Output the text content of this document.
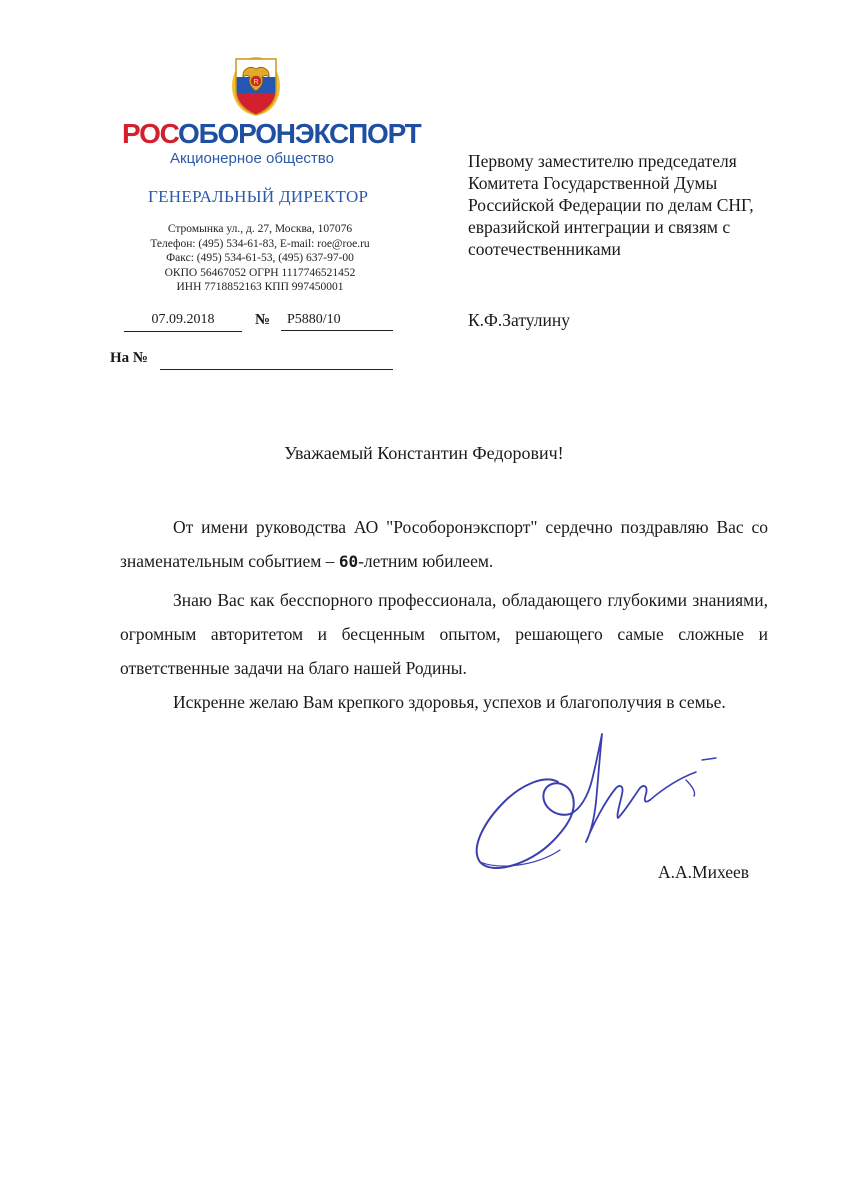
R
РОСОБОРОНЭКСПОРТ
Акционерное общество
ГЕНЕРАЛЬНЫЙ ДИРЕКТОР
Стромынка ул., д. 27, Москва, 107076
Телефон: (495) 534-61-83, E-mail: roe@roe.ru
Факс: (495) 534-61-53, (495) 637-97-00
ОКПО 56467052 ОГРН 1117746521452
ИНН 7718852163 КПП 997450001
07.09.2018	№	Р5880/10
На №
Первому заместителю председателя
Комитета Государственной Думы
Российской Федерации по делам СНГ,
евразийской интеграции и связям с
соотечественниками
К.Ф.Затулину
Уважаемый Константин Федорович!

От имени руководства АО "Рособоронэкспорт" сердечно поздравляю Вас со знаменательным событием – 60-летним юбилеем.

Знаю Вас как бесспорного профессионала, обладающего глубокими знаниями, огромным авторитетом и бесценным опытом, решающего самые сложные и ответственные задачи на благо нашей Родины.

Искренне желаю Вам крепкого здоровья, успехов и благополучия в семье.

А.А.Михеев
